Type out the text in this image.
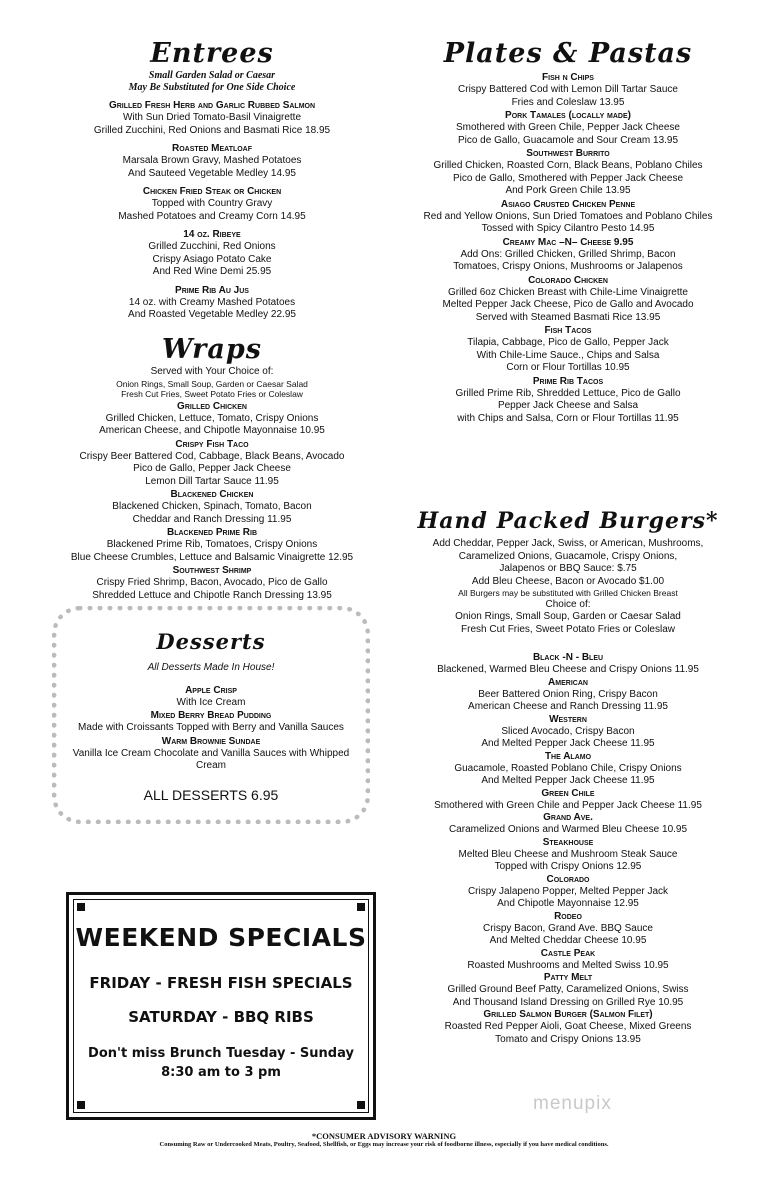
Entrees
Small Garden Salad or Caesar
May Be Substituted for One Side Choice
Grilled Fresh Herb and Garlic Rubbed Salmon
With Sun Dried Tomato-Basil Vinaigrette
Grilled Zucchini, Red Onions and Basmati Rice 18.95
Roasted Meatloaf
Marsala Brown Gravy, Mashed Potatoes
And Sauteed Vegetable Medley 14.95
Chicken Fried Steak or Chicken
Topped with Country Gravy
Mashed Potatoes and Creamy Corn 14.95
14 oz. Ribeye
Grilled Zucchini, Red Onions
Crispy Asiago Potato Cake
And Red Wine Demi 25.95
Prime Rib Au Jus
14 oz. with Creamy Mashed Potatoes
And Roasted Vegetable Medley 22.95
Wraps
Served with Your Choice of:
Onion Rings, Small Soup, Garden or Caesar Salad
Fresh Cut Fries, Sweet Potato Fries or Coleslaw
Grilled Chicken
Grilled Chicken, Lettuce, Tomato, Crispy Onions
American Cheese, and Chipotle Mayonnaise 10.95
Crispy Fish Taco
Crispy Beer Battered Cod, Cabbage, Black Beans, Avocado
Pico de Gallo, Pepper Jack Cheese
Lemon Dill Tartar Sauce 11.95
Blackened Chicken
Blackened Chicken, Spinach, Tomato, Bacon
Cheddar and Ranch Dressing 11.95
Blackened Prime Rib
Blackened Prime Rib, Tomatoes, Crispy Onions
Blue Cheese Crumbles, Lettuce and Balsamic Vinaigrette 12.95
Southwest Shrimp
Crispy Fried Shrimp, Bacon, Avocado, Pico de Gallo
Shredded Lettuce and Chipotle Ranch Dressing 13.95
Desserts
All Desserts Made In House!
Apple Crisp
With Ice Cream
Mixed Berry Bread Pudding
Made with Croissants Topped with Berry and Vanilla Sauces
Warm Brownie Sundae
Vanilla Ice Cream Chocolate and Vanilla Sauces with Whipped Cream
ALL DESSERTS 6.95
WEEKEND SPECIALS
FRIDAY - FRESH FISH SPECIALS
SATURDAY - BBQ RIBS
Don't miss Brunch Tuesday - Sunday
8:30 am to 3 pm
Plates & Pastas
Fish n Chips
Crispy Battered Cod with Lemon Dill Tartar Sauce
Fries and Coleslaw 13.95
Pork Tamales (locally made)
Smothered with Green Chile, Pepper Jack Cheese
Pico de Gallo, Guacamole and Sour Cream 13.95
Southwest Burrito
Grilled Chicken, Roasted Corn, Black Beans, Poblano Chiles
Pico de Gallo, Smothered with Pepper Jack Cheese
And Pork Green Chile 13.95
Asiago Crusted Chicken Penne
Red and Yellow Onions, Sun Dried Tomatoes and Poblano Chiles
Tossed with Spicy Cilantro Pesto 14.95
Creamy Mac –N– Cheese 9.95
Add Ons: Grilled Chicken, Grilled Shrimp, Bacon
Tomatoes, Crispy Onions, Mushrooms or Jalapenos
Colorado Chicken
Grilled 6oz Chicken Breast with Chile-Lime Vinaigrette
Melted Pepper Jack Cheese, Pico de Gallo and Avocado
Served with Steamed Basmati Rice 13.95
Fish Tacos
Tilapia, Cabbage, Pico de Gallo, Pepper Jack
With Chile-Lime Sauce., Chips and Salsa
Corn or Flour Tortillas 10.95
Prime Rib Tacos
Grilled Prime Rib, Shredded Lettuce, Pico de Gallo
Pepper Jack Cheese and Salsa
with Chips and Salsa, Corn or Flour Tortillas 11.95
Hand Packed Burgers*
Add Cheddar, Pepper Jack, Swiss, or American, Mushrooms,
Caramelized Onions, Guacamole, Crispy Onions,
Jalapenos or BBQ Sauce: $.75
Add Bleu Cheese, Bacon or Avocado $1.00
All Burgers may be substituted with Grilled Chicken Breast
Choice of:
Onion Rings, Small Soup, Garden or Caesar Salad
Fresh Cut Fries, Sweet Potato Fries or Coleslaw
Black -N - Bleu
Blackened, Warmed Bleu Cheese and Crispy Onions 11.95
American
Beer Battered Onion Ring, Crispy Bacon
American Cheese and Ranch Dressing 11.95
Western
Sliced Avocado, Crispy Bacon
And Melted Pepper Jack Cheese 11.95
The Alamo
Guacamole, Roasted Poblano Chile, Crispy Onions
And Melted Pepper Jack Cheese 11.95
Green Chile
Smothered with Green Chile and Pepper Jack Cheese 11.95
Grand Ave.
Caramelized Onions and Warmed Bleu Cheese 10.95
Steakhouse
Melted Bleu Cheese and Mushroom Steak Sauce
Topped with Crispy Onions 12.95
Colorado
Crispy Jalapeno Popper, Melted Pepper Jack
And Chipotle Mayonnaise 12.95
Rodeo
Crispy Bacon, Grand Ave. BBQ Sauce
And Melted Cheddar Cheese 10.95
Castle Peak
Roasted Mushrooms and Melted Swiss 10.95
Patty Melt
Grilled Ground Beef Patty, Caramelized Onions, Swiss
And Thousand Island Dressing on Grilled Rye 10.95
Grilled Salmon Burger (Salmon Filet)
Roasted Red Pepper Aioli, Goat Cheese, Mixed Greens
Tomato and Crispy Onions 13.95
menupix
*CONSUMER ADVISORY WARNING
Consuming Raw or Undercooked Meats, Poultry, Seafood, Shellfish, or Eggs may increase your risk of foodborne illness, especially if you have medical conditions.
